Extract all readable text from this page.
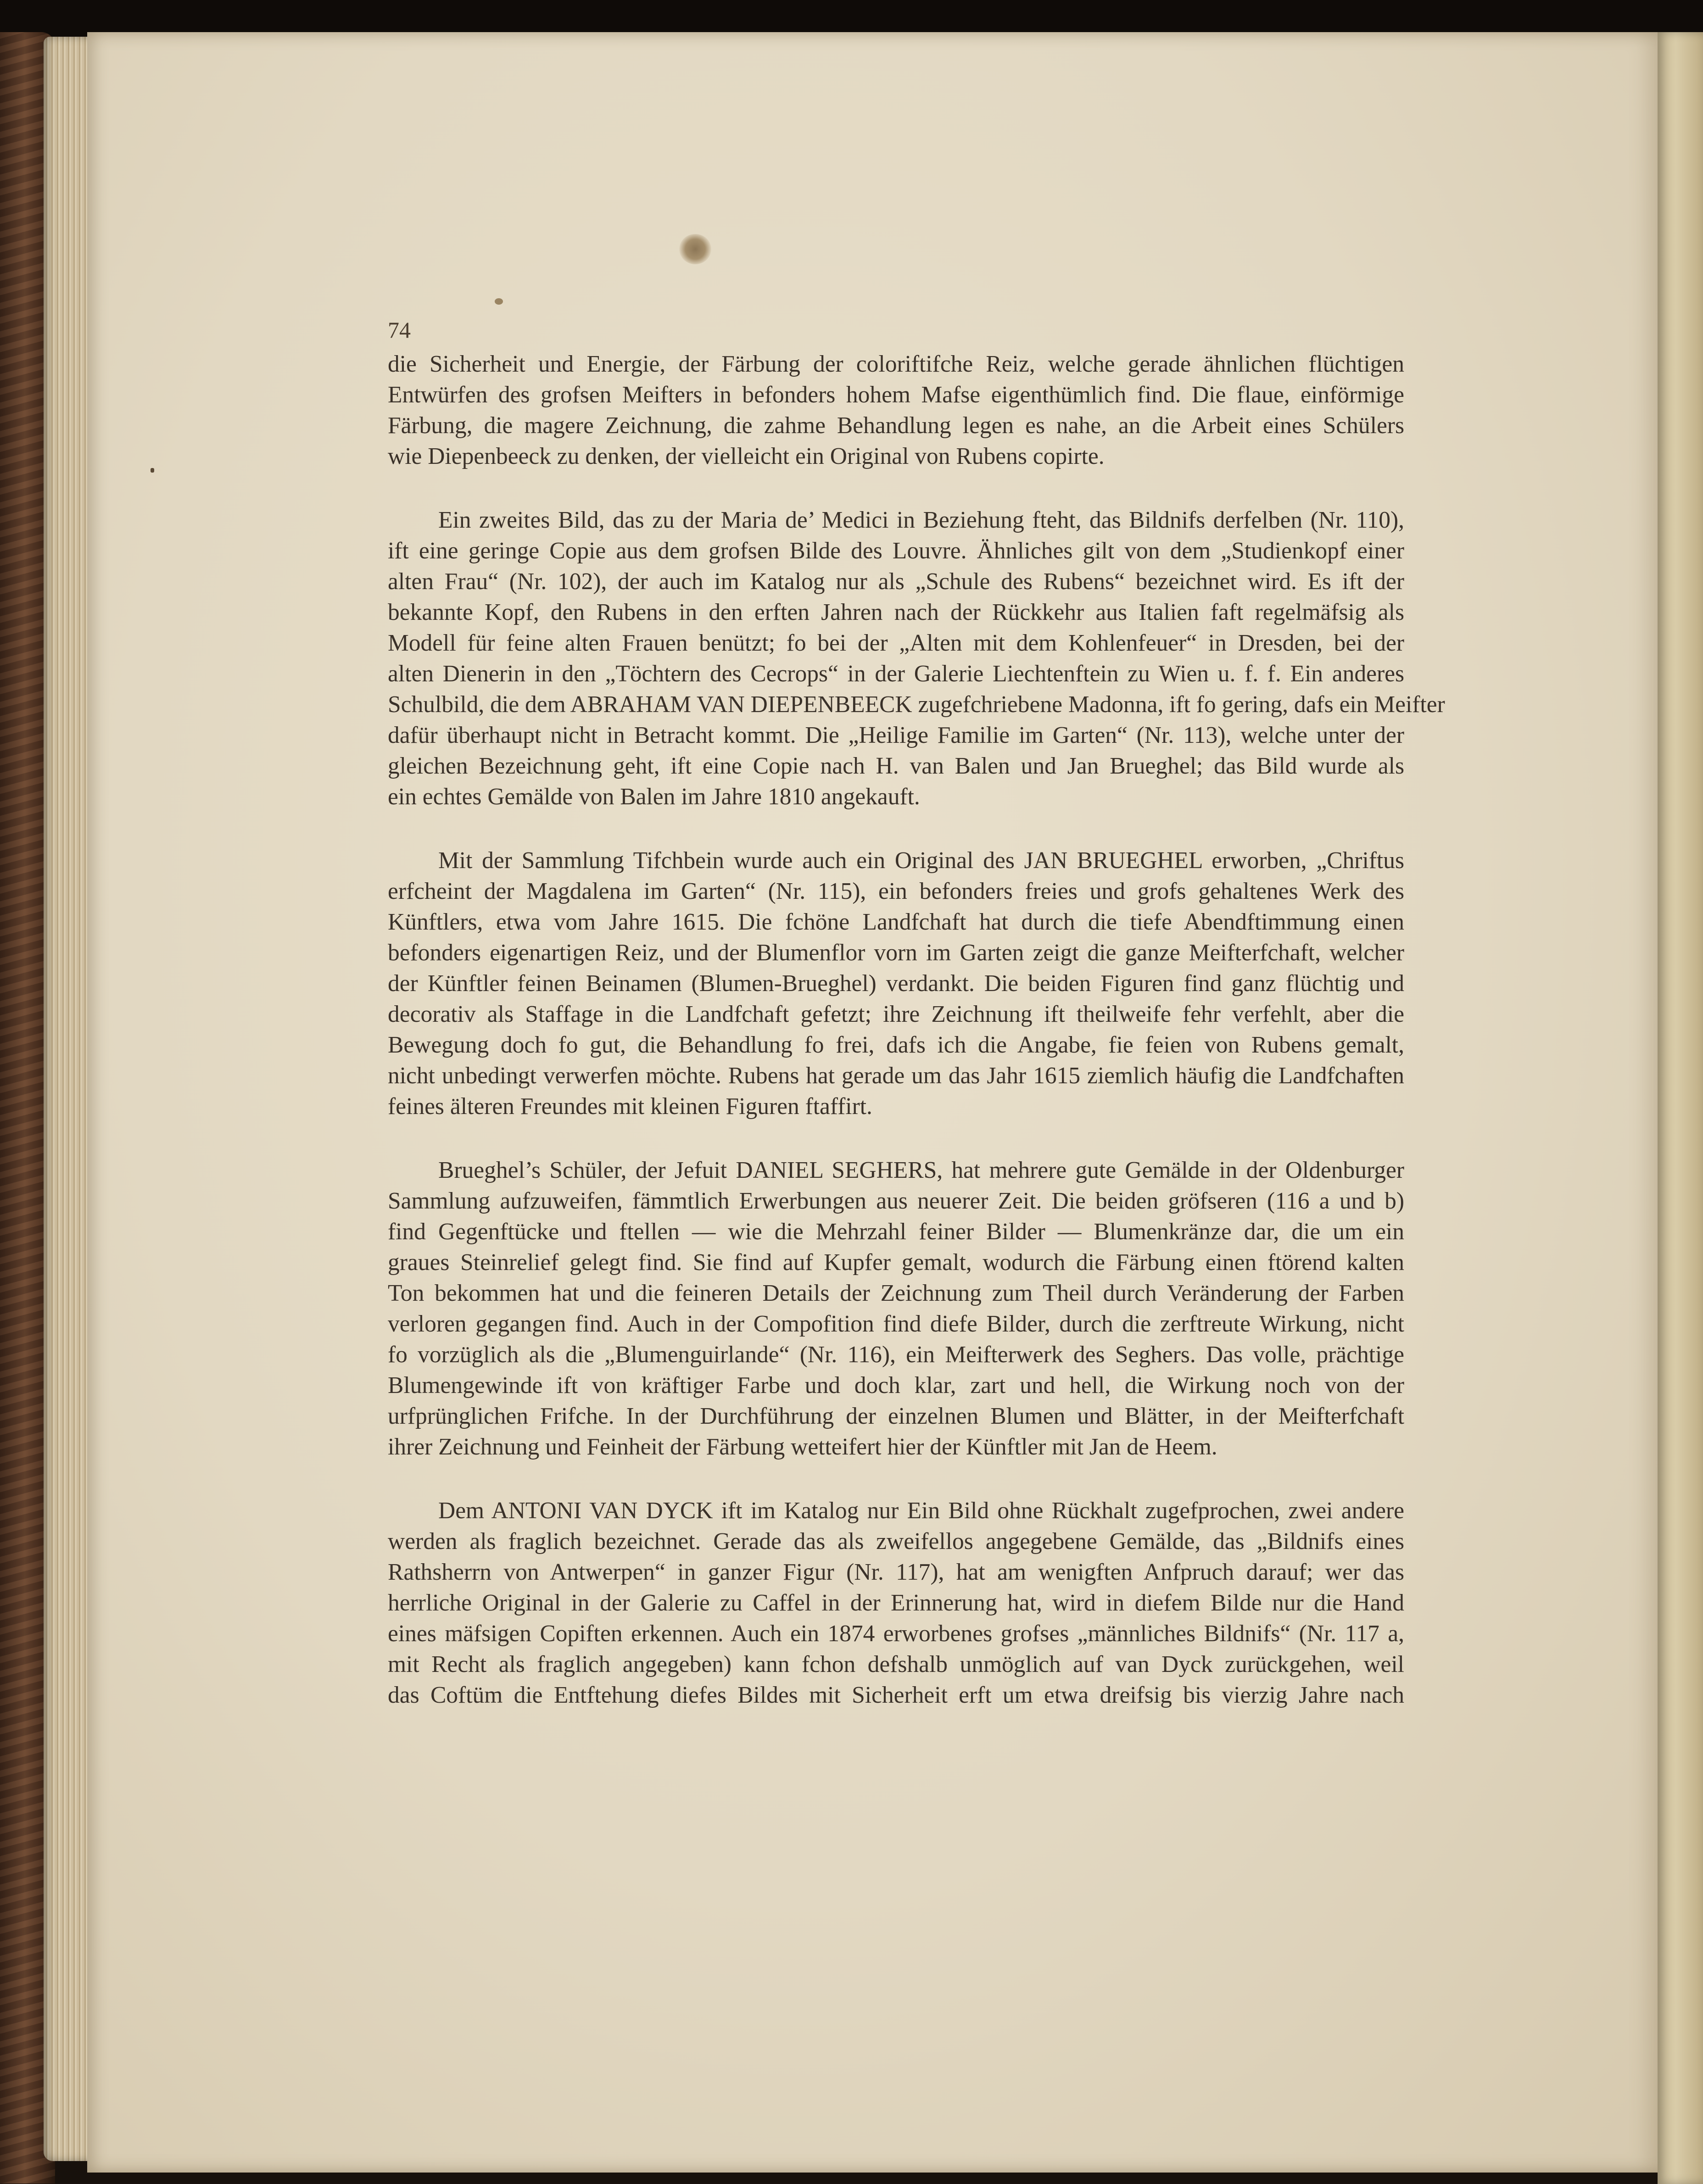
74
die Sicherheit und Energie, der Färbung der coloriftifche Reiz, welche gerade ähnlichen flüchtigen
Entwürfen des grofsen Meifters in befonders hohem Mafse eigenthümlich find. Die flaue, einförmige
Färbung, die magere Zeichnung, die zahme Behandlung legen es nahe, an die Arbeit eines Schülers
wie Diepenbeeck zu denken, der vielleicht ein Original von Rubens copirte.
Ein zweites Bild, das zu der Maria de’ Medici in Beziehung fteht, das Bildnifs derfelben (Nr. 110),
ift eine geringe Copie aus dem grofsen Bilde des Louvre. Ähnliches gilt von dem „Studienkopf einer
alten Frau“ (Nr. 102), der auch im Katalog nur als „Schule des Rubens“ bezeichnet wird. Es ift der
bekannte Kopf, den Rubens in den erften Jahren nach der Rückkehr aus Italien faft regelmäfsig als
Modell für feine alten Frauen benützt; fo bei der „Alten mit dem Kohlenfeuer“ in Dresden, bei der
alten Dienerin in den „Töchtern des Cecrops“ in der Galerie Liechtenftein zu Wien u. f. f. Ein anderes
Schulbild, die dem ABRAHAM VAN DIEPENBEECK zugefchriebene Madonna, ift fo gering, dafs ein Meifter
dafür überhaupt nicht in Betracht kommt. Die „Heilige Familie im Garten“ (Nr. 113), welche unter der
gleichen Bezeichnung geht, ift eine Copie nach H. van Balen und Jan Brueghel; das Bild wurde als
ein echtes Gemälde von Balen im Jahre 1810 angekauft.
Mit der Sammlung Tifchbein wurde auch ein Original des JAN BRUEGHEL erworben, „Chriftus
erfcheint der Magdalena im Garten“ (Nr. 115), ein befonders freies und grofs gehaltenes Werk des
Künftlers, etwa vom Jahre 1615. Die fchöne Landfchaft hat durch die tiefe Abendftimmung einen
befonders eigenartigen Reiz, und der Blumenflor vorn im Garten zeigt die ganze Meifterfchaft, welcher
der Künftler feinen Beinamen (Blumen-Brueghel) verdankt. Die beiden Figuren find ganz flüchtig und
decorativ als Staffage in die Landfchaft gefetzt; ihre Zeichnung ift theilweife fehr verfehlt, aber die
Bewegung doch fo gut, die Behandlung fo frei, dafs ich die Angabe, fie feien von Rubens gemalt,
nicht unbedingt verwerfen möchte. Rubens hat gerade um das Jahr 1615 ziemlich häufig die Landfchaften
feines älteren Freundes mit kleinen Figuren ftaffirt.
Brueghel’s Schüler, der Jefuit DANIEL SEGHERS, hat mehrere gute Gemälde in der Oldenburger
Sammlung aufzuweifen, fämmtlich Erwerbungen aus neuerer Zeit. Die beiden gröfseren (116 a und b)
find Gegenftücke und ftellen — wie die Mehrzahl feiner Bilder — Blumenkränze dar, die um ein
graues Steinrelief gelegt find. Sie find auf Kupfer gemalt, wodurch die Färbung einen ftörend kalten
Ton bekommen hat und die feineren Details der Zeichnung zum Theil durch Veränderung der Farben
verloren gegangen find. Auch in der Compofition find diefe Bilder, durch die zerftreute Wirkung, nicht
fo vorzüglich als die „Blumenguirlande“ (Nr. 116), ein Meifterwerk des Seghers. Das volle, prächtige
Blumengewinde ift von kräftiger Farbe und doch klar, zart und hell, die Wirkung noch von der
urfprünglichen Frifche. In der Durchführung der einzelnen Blumen und Blätter, in der Meifterfchaft
ihrer Zeichnung und Feinheit der Färbung wetteifert hier der Künftler mit Jan de Heem.
Dem ANTONI VAN DYCK ift im Katalog nur Ein Bild ohne Rückhalt zugefprochen, zwei andere
werden als fraglich bezeichnet. Gerade das als zweifellos angegebene Gemälde, das „Bildnifs eines
Rathsherrn von Antwerpen“ in ganzer Figur (Nr. 117), hat am wenigften Anfpruch darauf; wer das
herrliche Original in der Galerie zu Caffel in der Erinnerung hat, wird in diefem Bilde nur die Hand
eines mäfsigen Copiften erkennen. Auch ein 1874 erworbenes grofses „männliches Bildnifs“ (Nr. 117 a,
mit Recht als fraglich angegeben) kann fchon defshalb unmöglich auf van Dyck zurückgehen, weil
das Coftüm die Entftehung diefes Bildes mit Sicherheit erft um etwa dreifsig bis vierzig Jahre nach
